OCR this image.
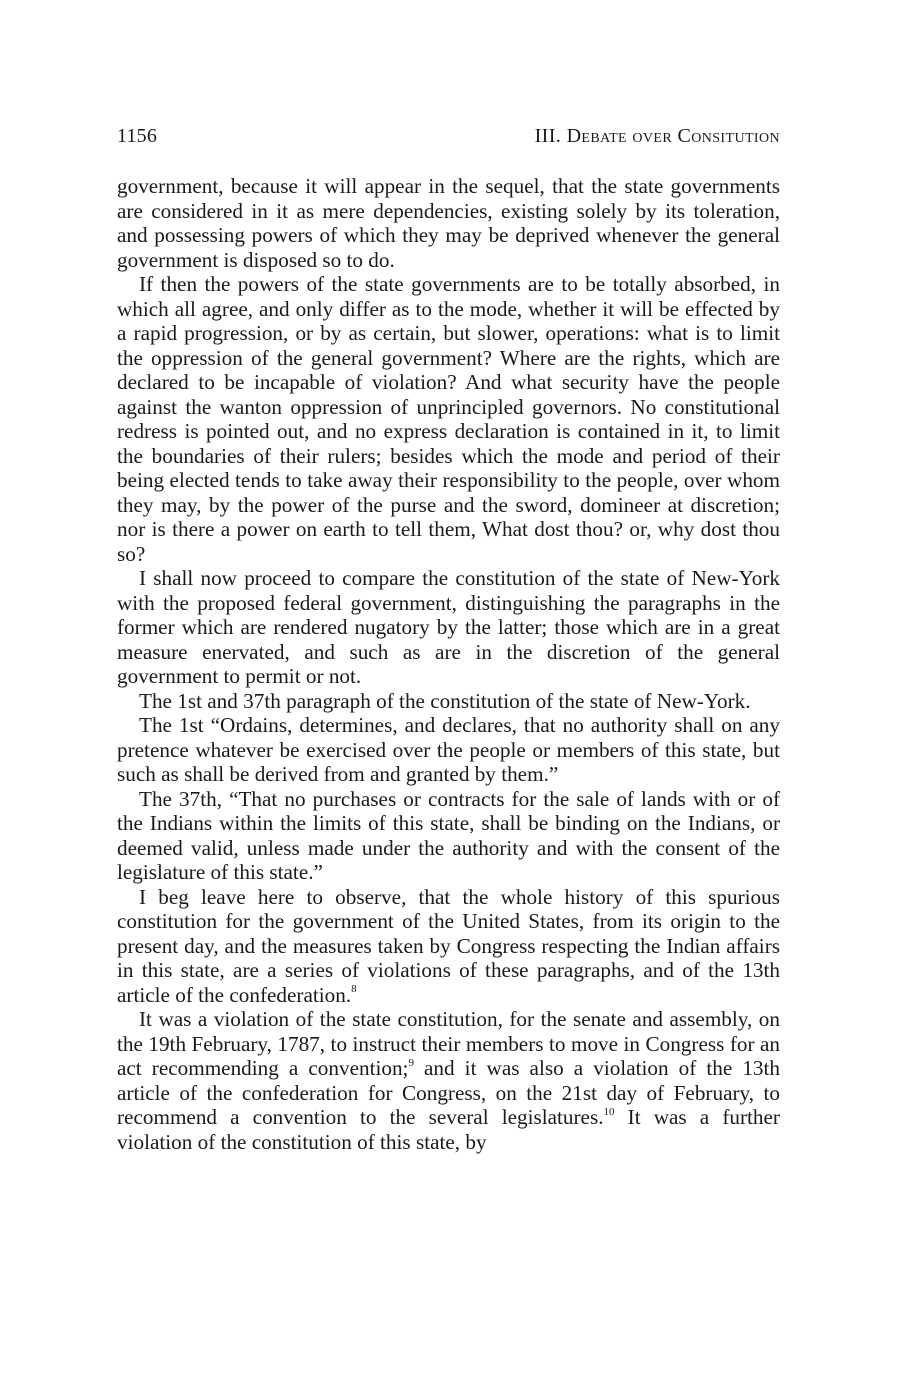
1156	III. Debate over Consitution

government, because it will appear in the sequel, that the state governments are considered in it as mere dependencies, existing solely by its toleration, and possessing powers of which they may be deprived whenever the general government is disposed so to do.

If then the powers of the state governments are to be totally absorbed, in which all agree, and only differ as to the mode, whether it will be effected by a rapid progression, or by as certain, but slower, operations: what is to limit the oppression of the general government? Where are the rights, which are declared to be incapable of violation? And what security have the people against the wanton oppression of unprincipled governors. No constitutional redress is pointed out, and no express declaration is contained in it, to limit the boundaries of their rulers; besides which the mode and period of their being elected tends to take away their responsibility to the people, over whom they may, by the power of the purse and the sword, domineer at discretion; nor is there a power on earth to tell them, What dost thou? or, why dost thou so?

I shall now proceed to compare the constitution of the state of New-York with the proposed federal government, distinguishing the paragraphs in the former which are rendered nugatory by the latter; those which are in a great measure enervated, and such as are in the discretion of the general government to permit or not.

The 1st and 37th paragraph of the constitution of the state of New-York.

The 1st “Ordains, determines, and declares, that no authority shall on any pretence whatever be exercised over the people or members of this state, but such as shall be derived from and granted by them.”

The 37th, “That no purchases or contracts for the sale of lands with or of the Indians within the limits of this state, shall be binding on the Indians, or deemed valid, unless made under the authority and with the consent of the legislature of this state.”

I beg leave here to observe, that the whole history of this spurious constitution for the government of the United States, from its origin to the present day, and the measures taken by Congress respecting the Indian affairs in this state, are a series of violations of these paragraphs, and of the 13th article of the confederation.$^8$

It was a violation of the state constitution, for the senate and assembly, on the 19th February, 1787, to instruct their members to move in Congress for an act recommending a convention;$^9$ and it was also a violation of the 13th article of the confederation for Congress, on the 21st day of February, to recommend a convention to the several legislatures.$^{10}$ It was a further violation of the constitution of this state, by
